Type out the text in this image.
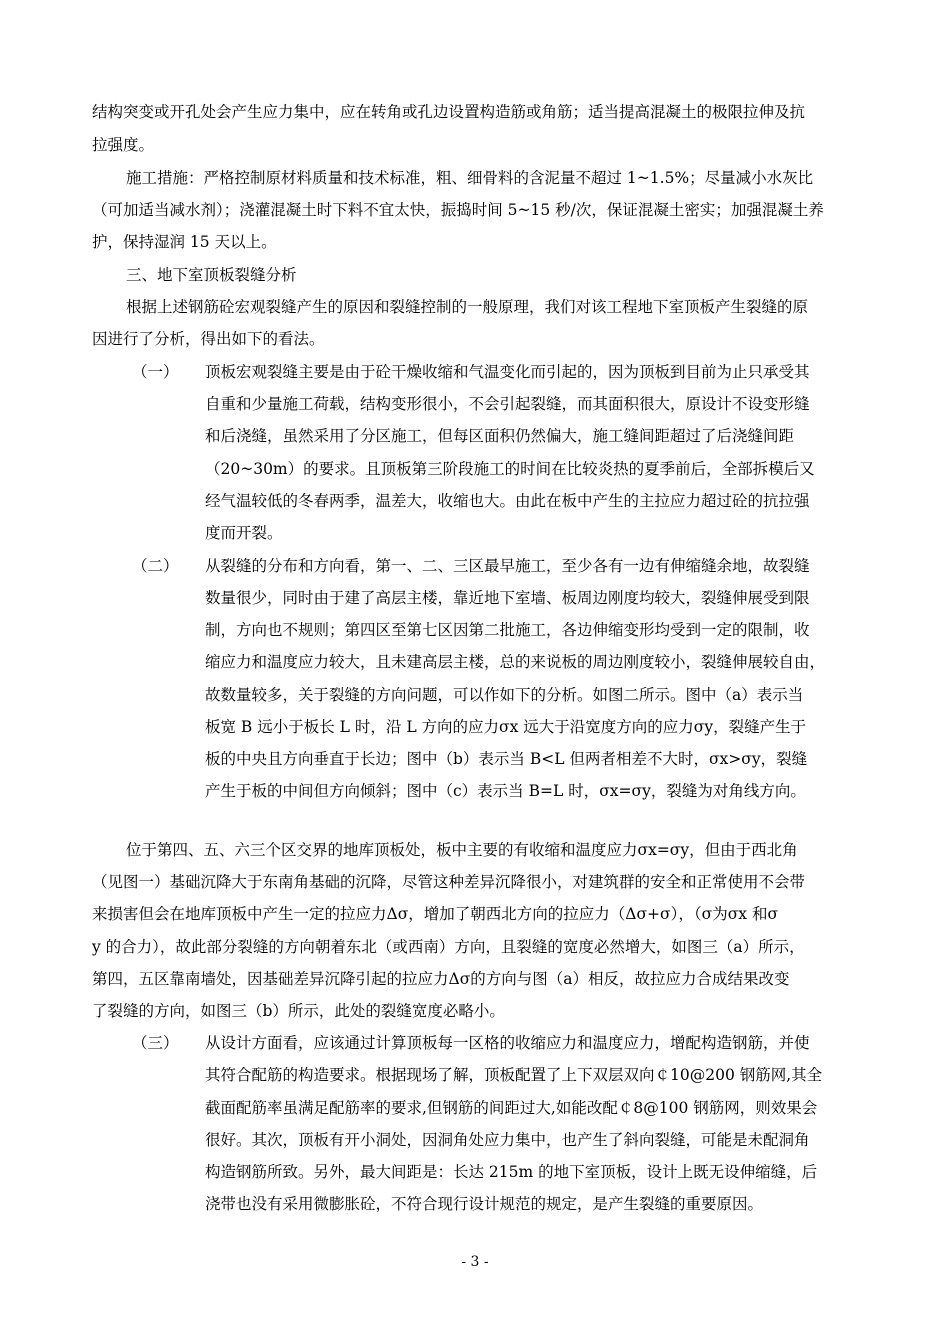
结构突变或开孔处会产生应力集中，应在转角或孔边设置构造筋或角筋；适当提高混凝土的极限拉伸及抗
拉强度。
施工措施：严格控制原材料质量和技术标准，粗、细骨料的含泥量不超过 1~1.5%；尽量减小水灰比
（可加适当减水剂）；浇灌混凝土时下料不宜太快，振捣时间 5~15 秒/次，保证混凝土密实；加强混凝土养
护，保持湿润 15 天以上。
三、地下室顶板裂缝分析
根据上述钢筋砼宏观裂缝产生的原因和裂缝控制的一般原理，我们对该工程地下室顶板产生裂缝的原
因进行了分析，得出如下的看法。
（一） 顶板宏观裂缝主要是由于砼干燥收缩和气温变化而引起的，因为顶板到目前为止只承受其
自重和少量施工荷载，结构变形很小，不会引起裂缝，而其面积很大，原设计不设变形缝
和后浇缝，虽然采用了分区施工，但每区面积仍然偏大，施工缝间距超过了后浇缝间距
（20~30m）的要求。且顶板第三阶段施工的时间在比较炎热的夏季前后，全部拆模后又
经气温较低的冬春两季，温差大，收缩也大。由此在板中产生的主拉应力超过砼的抗拉强
度而开裂。
（二） 从裂缝的分布和方向看，第一、二、三区最早施工，至少各有一边有伸缩缝余地，故裂缝
数量很少，同时由于建了高层主楼，靠近地下室墙、板周边刚度均较大，裂缝伸展受到限
制，方向也不规则；第四区至第七区因第二批施工，各边伸缩变形均受到一定的限制，收
缩应力和温度应力较大，且未建高层主楼，总的来说板的周边刚度较小，裂缝伸展较自由，
故数量较多，关于裂缝的方向问题，可以作如下的分析。如图二所示。图中（a）表示当
板宽 B 远小于板长 L 时，沿 L 方向的应力σx 远大于沿宽度方向的应力σy，裂缝产生于
板的中央且方向垂直于长边；图中（b）表示当 B<L 但两者相差不大时，σx>σy，裂缝
产生于板的中间但方向倾斜；图中（c）表示当 B=L 时，σx=σy，裂缝为对角线方向。
位于第四、五、六三个区交界的地库顶板处，板中主要的有收缩和温度应力σx=σy，但由于西北角
（见图一）基础沉降大于东南角基础的沉降，尽管这种差异沉降很小，对建筑群的安全和正常使用不会带
来损害但会在地库顶板中产生一定的拉应力Δσ，增加了朝西北方向的拉应力（Δσ+σ），（σ为σx 和σ
y 的合力），故此部分裂缝的方向朝着东北（或西南）方向，且裂缝的宽度必然增大，如图三（a）所示，
第四，五区靠南墙处，因基础差异沉降引起的拉应力Δσ的方向与图（a）相反，故拉应力合成结果改变
了裂缝的方向，如图三（b）所示，此处的裂缝宽度必略小。
（三） 从设计方面看，应该通过计算顶板每一区格的收缩应力和温度应力，增配构造钢筋，并使
其符合配筋的构造要求。根据现场了解，顶板配置了上下双层双向￠10@200 钢筋网,其全
截面配筋率虽满足配筋率的要求,但钢筋的间距过大,如能改配￠8@100 钢筋网，则效果会
很好。其次，顶板有开小洞处，因洞角处应力集中，也产生了斜向裂缝，可能是未配洞角
构造钢筋所致。另外，最大间距是：长达 215m 的地下室顶板，设计上既无设伸缩缝，后
浇带也没有采用微膨胀砼，不符合现行设计规范的规定，是产生裂缝的重要原因。
- 3 -
